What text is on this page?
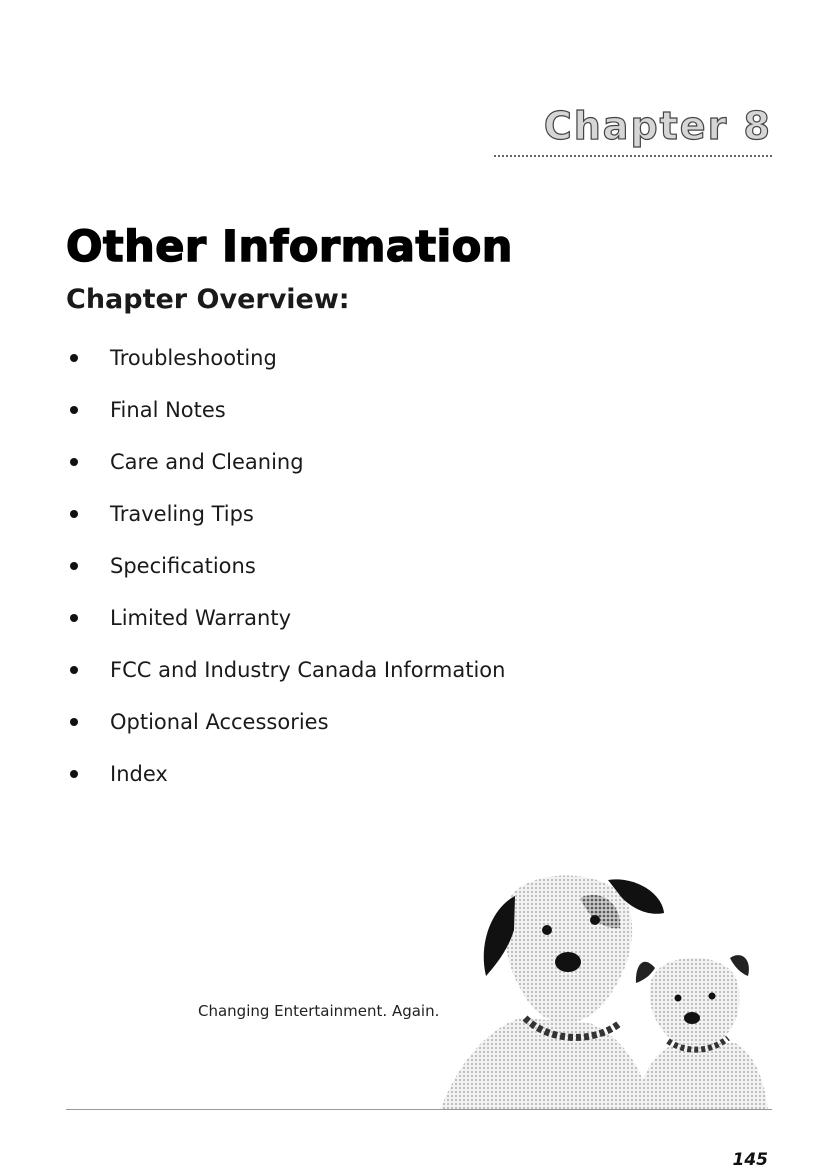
Chapter 8
Other Information
Chapter Overview:
Troubleshooting
Final Notes
Care and Cleaning
Traveling Tips
Specifications
Limited Warranty
FCC and Industry Canada Information
Optional Accessories
Index
Changing Entertainment. Again.
145
